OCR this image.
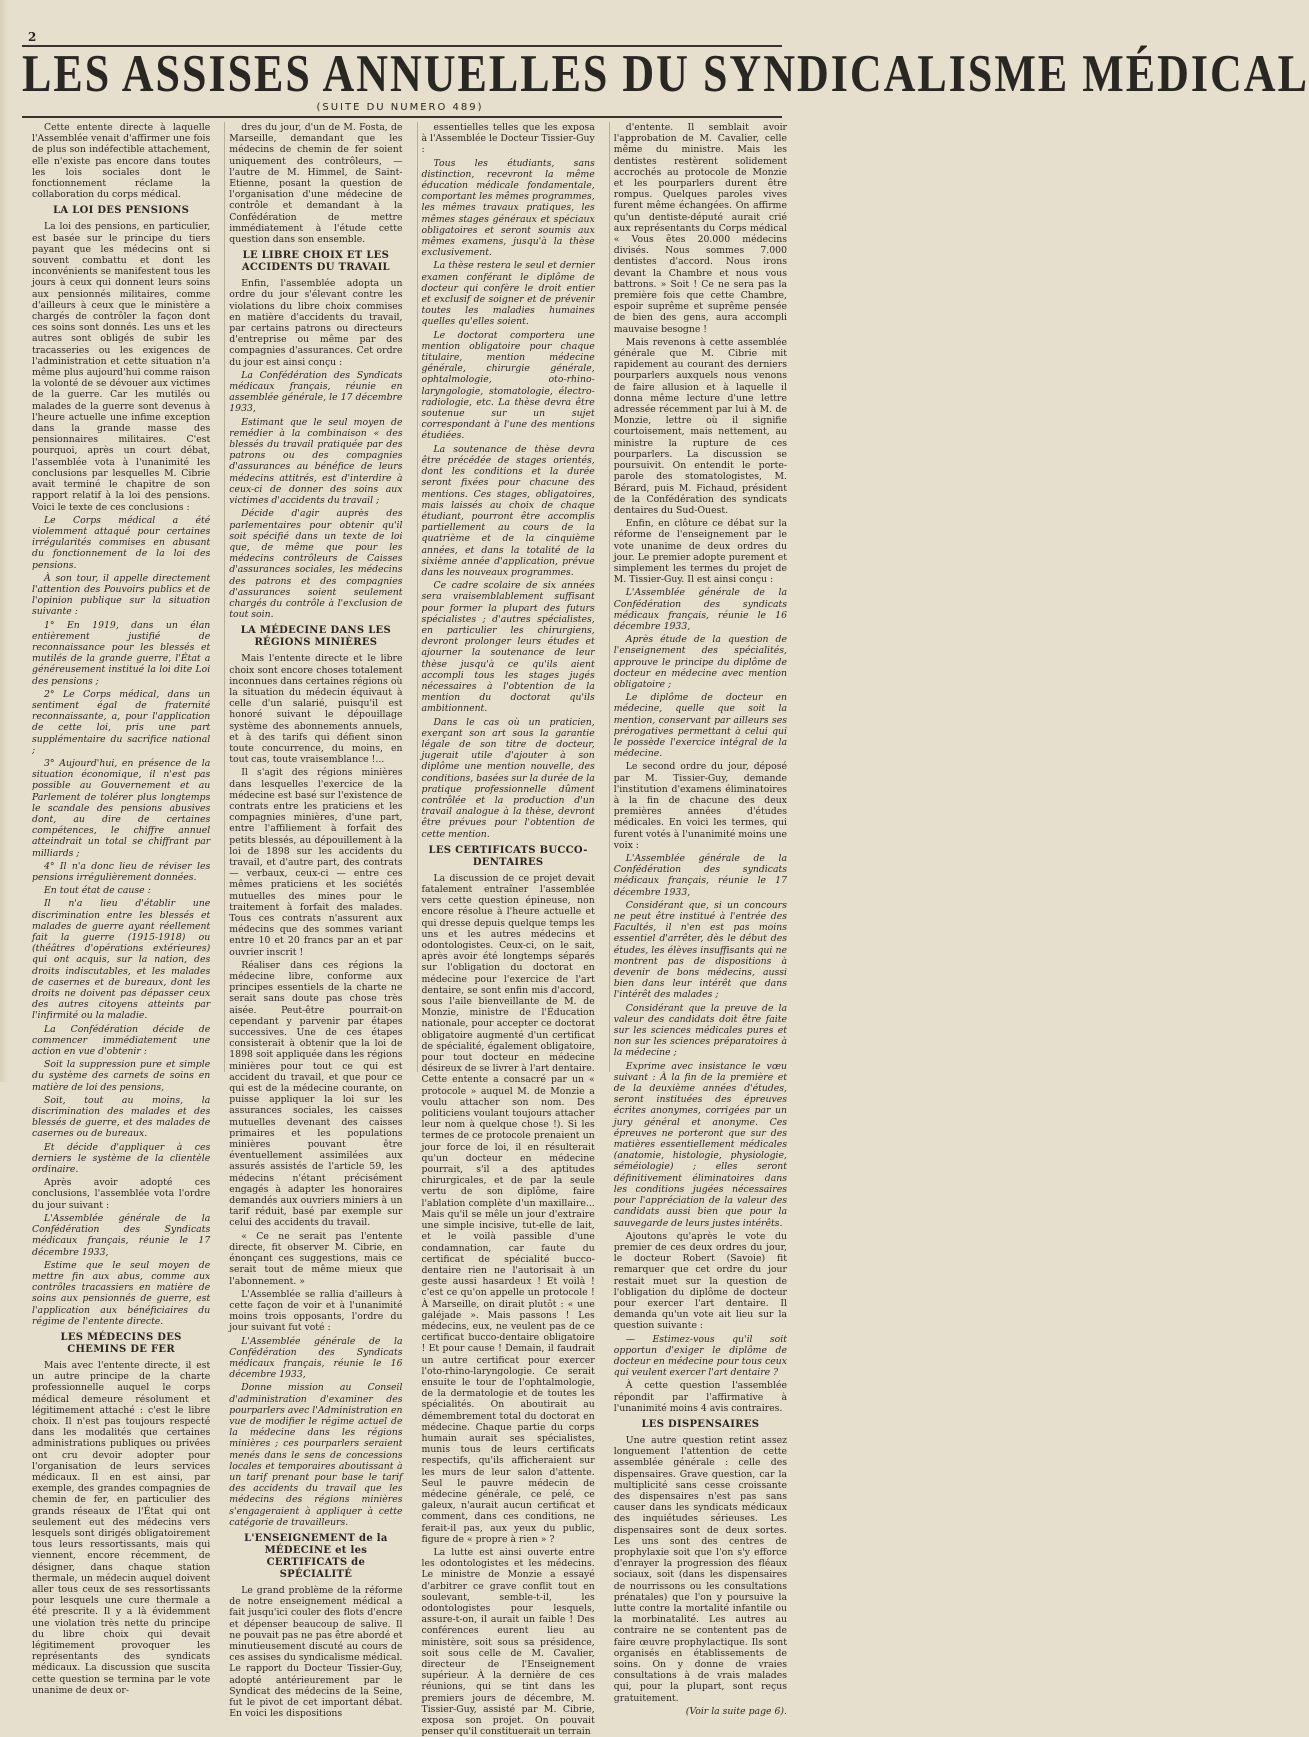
2
LES ASSISES ANNUELLES DU SYNDICALISME MÉDICAL
(SUITE DU NUMERO 489)

Cette entente directe à laquelle l'Assemblée venait d'affirmer une fois de plus son indéfectible attachement, elle n'existe pas encore dans toutes les lois sociales dont le fonctionnement réclame la collaboration du corps médical.

LA LOI DES PENSIONS

La loi des pensions, en particulier, est basée sur le principe du tiers payant que les médecins ont si souvent combattu et dont les inconvénients se manifestent tous les jours à ceux qui donnent leurs soins aux pensionnés militaires, comme d'ailleurs à ceux que le ministère a chargés de contrôler la façon dont ces soins sont donnés. Les uns et les autres sont obligés de subir les tracasseries ou les exigences de l'administration et cette situation n'a même plus aujourd'hui comme raison la volonté de se dévouer aux victimes de la guerre. Car les mutilés ou malades de la guerre sont devenus à l'heure actuelle une infime exception dans la grande masse des pensionnaires militaires. C'est pourquoi, après un court débat, l'assemblée vota à l'unanimité les conclusions par lesquelles M. Cibrie avait terminé le chapitre de son rapport relatif à la loi des pensions. Voici le texte de ces conclusions :

Le Corps médical a été violemment attaqué pour certaines irrégularités commises en abusant du fonctionnement de la loi des pensions.

À son tour, il appelle directement l'attention des Pouvoirs publics et de l'opinion publique sur la situation suivante :

1° En 1919, dans un élan entièrement justifié de reconnaissance pour les blessés et mutilés de la grande guerre, l'État a généreusement institué la loi dite Loi des pensions ;

2° Le Corps médical, dans un sentiment égal de fraternité reconnaissante, a, pour l'application de cette loi, pris une part supplémentaire du sacrifice national ;

3° Aujourd'hui, en présence de la situation économique, il n'est pas possible au Gouvernement et au Parlement de tolérer plus longtemps le scandale des pensions abusives dont, au dire de certaines compétences, le chiffre annuel atteindrait un total se chiffrant par milliards ;

4° Il n'a donc lieu de réviser les pensions irrégulièrement données.

En tout état de cause :

Il n'a lieu d'établir une discrimination entre les blessés et malades de guerre ayant réellement fait la guerre (1915-1918) ou (théâtres d'opérations extérieures) qui ont acquis, sur la nation, des droits indiscutables, et les malades de casernes et de bureaux, dont les droits ne doivent pas dépasser ceux des autres citoyens atteints par l'infirmité ou la maladie.

La Confédération décide de commencer immédiatement une action en vue d'obtenir :

Soit la suppression pure et simple du système des carnets de soins en matière de loi des pensions,

Soit, tout au moins, la discrimination des malades et des blessés de guerre, et des malades de casernes ou de bureaux.

Et décide d'appliquer à ces derniers le système de la clientèle ordinaire.

Après avoir adopté ces conclusions, l'assemblée vota l'ordre du jour suivant :

L'Assemblée générale de la Confédération des Syndicats médicaux français, réunie le 17 décembre 1933,

Estime que le seul moyen de mettre fin aux abus, comme aux contrôles tracassiers en matière de soins aux pensionnés de guerre, est l'application aux bénéficiaires du régime de l'entente directe.

LES MÉDECINS DES CHEMINS DE FER

Mais avec l'entente directe, il est un autre principe de la charte professionnelle auquel le corps médical demeure résolument et légitimement attaché : c'est le libre choix. Il n'est pas toujours respecté dans les modalités que certaines administrations publiques ou privées ont cru devoir adopter pour l'organisation de leurs services médicaux. Il en est ainsi, par exemple, des grandes compagnies de chemin de fer, en particulier des grands réseaux de l'État qui ont seulement eut des médecins vers lesquels sont dirigés obligatoirement tous leurs ressortissants, mais qui viennent, encore récemment, de désigner, dans chaque station thermale, un médecin auquel doivent aller tous ceux de ses ressortissants pour lesquels une cure thermale a été prescrite. Il y a là évidemment une violation très nette du principe du libre choix qui devait légitimement provoquer les représentants des syndicats médicaux. La discussion que suscita cette question se termina par le vote unanime de deux or-

dres du jour, d'un de M. Fosta, de Marseille, demandant que les médecins de chemin de fer soient uniquement des contrôleurs, — l'autre de M. Himmel, de Saint-Etienne, posant la question de l'organisation d'une médecine de contrôle et demandant à la Confédération de mettre immédiatement à l'étude cette question dans son ensemble.

LE LIBRE CHOIX ET LES ACCIDENTS DU TRAVAIL

Enfin, l'assemblée adopta un ordre du jour s'élevant contre les violations du libre choix commises en matière d'accidents du travail, par certains patrons ou directeurs d'entreprise ou même par des compagnies d'assurances. Cet ordre du jour est ainsi conçu :

La Confédération des Syndicats médicaux français, réunie en assemblée générale, le 17 décembre 1933,

Estimant que le seul moyen de remédier à la combinaison « des blessés du travail pratiquée par des patrons ou des compagnies d'assurances au bénéfice de leurs médecins attitrés, est d'interdire à ceux-ci de donner des soins aux victimes d'accidents du travail ;

Décide d'agir auprès des parlementaires pour obtenir qu'il soit spécifié dans un texte de loi que, de même que pour les médecins contrôleurs de Caisses d'assurances sociales, les médecins des patrons et des compagnies d'assurances soient seulement chargés du contrôle à l'exclusion de tout soin.

LA MÉDECINE DANS LES RÉGIONS MINIÈRES

Mais l'entente directe et le libre choix sont encore choses totalement inconnues dans certaines régions où la situation du médecin équivaut à celle d'un salarié, puisqu'il est honoré suivant le dépouillage système des abonnements annuels, et à des tarifs qui défient sinon toute concurrence, du moins, en tout cas, toute vraisemblance !...

Il s'agit des régions minières dans lesquelles l'exercice de la médecine est basé sur l'existence de contrats entre les praticiens et les compagnies minières, d'une part, entre l'affiliement à forfait des petits blessés, au dépouillement à la loi de 1898 sur les accidents du travail, et d'autre part, des contrats — verbaux, ceux-ci — entre ces mêmes praticiens et les sociétés mutuelles des mines pour le traitement à forfait des malades. Tous ces contrats n'assurent aux médecins que des sommes variant entre 10 et 20 francs par an et par ouvrier inscrit !

Réaliser dans ces régions la médecine libre, conforme aux principes essentiels de la charte ne serait sans doute pas chose très aisée. Peut-être pourrait-on cependant y parvenir par étapes successives. Une de ces étapes consisterait à obtenir que la loi de 1898 soit appliquée dans les régions minières pour tout ce qui est accident du travail, et que pour ce qui est de la médecine courante, on puisse appliquer la loi sur les assurances sociales, les caisses mutuelles devenant des caisses primaires et les populations minières pouvant être éventuellement assimilées aux assurés assistés de l'article 59, les médecins n'étant précisément engagés à adapter les honoraires demandés aux ouvriers miniers à un tarif réduit, basé par exemple sur celui des accidents du travail.

« Ce ne serait pas l'entente directe, fit observer M. Cibrie, en énonçant ces suggestions, mais ce serait tout de même mieux que l'abonnement. »

L'Assemblée se rallia d'ailleurs à cette façon de voir et à l'unanimité moins trois opposants, l'ordre du jour suivant fut voté :

L'Assemblée générale de la Confédération des Syndicats médicaux français, réunie le 16 décembre 1933,

Donne mission au Conseil d'administration d'examiner des pourparlers avec l'Administration en vue de modifier le régime actuel de la médecine dans les régions minières ; ces pourparlers seraient menés dans le sens de concessions locales et temporaires aboutissant à un tarif prenant pour base le tarif des accidents du travail que les médecins des régions minières s'engageraient à appliquer à cette catégorie de travailleurs.

L'ENSEIGNEMENT de la MÉDECINE et les CERTIFICATS de SPÉCIALITÉ

Le grand problème de la réforme de notre enseignement médical a fait jusqu'ici couler des flots d'encre et dépenser beaucoup de salive. Il ne pouvait pas ne pas être abordé et minutieusement discuté au cours de ces assises du syndicalisme médical. Le rapport du Docteur Tissier-Guy, adopté antérieurement par le Syndicat des médecins de la Seine, fut le pivot de cet important débat. En voici les dispositions

essentielles telles que les exposa à l'Assemblée le Docteur Tissier-Guy :

Tous les étudiants, sans distinction, recevront la même éducation médicale fondamentale, comportant les mêmes programmes, les mêmes travaux pratiques, les mêmes stages généraux et spéciaux obligatoires et seront soumis aux mêmes examens, jusqu'à la thèse exclusivement.

La thèse restera le seul et dernier examen conférant le diplôme de docteur qui confère le droit entier et exclusif de soigner et de prévenir toutes les maladies humaines quelles qu'elles soient.

Le doctorat comportera une mention obligatoire pour chaque titulaire, mention médecine générale, chirurgie générale, ophtalmologie, oto-rhino-laryngologie, stomatologie, électro-radiologie, etc. La thèse devra être soutenue sur un sujet correspondant à l'une des mentions étudiées.

La soutenance de thèse devra être précédée de stages orientés, dont les conditions et la durée seront fixées pour chacune des mentions. Ces stages, obligatoires, mais laissés au choix de chaque étudiant, pourront être accomplis partiellement au cours de la quatrième et de la cinquième années, et dans la totalité de la sixième année d'application, prévue dans les nouveaux programmes.

Ce cadre scolaire de six années sera vraisemblablement suffisant pour former la plupart des futurs spécialistes ; d'autres spécialistes, en particulier les chirurgiens, devront prolonger leurs études et ajourner la soutenance de leur thèse jusqu'à ce qu'ils aient accompli tous les stages jugés nécessaires à l'obtention de la mention du doctorat qu'ils ambitionnent.

Dans le cas où un praticien, exerçant son art sous la garantie légale de son titre de docteur, jugerait utile d'ajouter à son diplôme une mention nouvelle, des conditions, basées sur la durée de la pratique professionnelle dûment contrôlée et la production d'un travail analogue à la thèse, devront être prévues pour l'obtention de cette mention.

LES CERTIFICATS BUCCO-DENTAIRES

La discussion de ce projet devait fatalement entraîner l'assemblée vers cette question épineuse, non encore résolue à l'heure actuelle et qui dresse depuis quelque temps les uns et les autres médecins et odontologistes. Ceux-ci, on le sait, après avoir été longtemps séparés sur l'obligation du doctorat en médecine pour l'exercice de l'art dentaire, se sont enfin mis d'accord, sous l'aile bienveillante de M. de Monzie, ministre de l'Éducation nationale, pour accepter ce doctorat obligatoire augmenté d'un certificat de spécialité, également obligatoire, pour tout docteur en médecine désireux de se livrer à l'art dentaire. Cette entente a consacré par un « protocole » auquel M. de Monzie a voulu attacher son nom. Des politiciens voulant toujours attacher leur nom à quelque chose !). Si les termes de ce protocole prenaient un jour force de loi, il en résulterait qu'un docteur en médecine pourrait, s'il a des aptitudes chirurgicales, et de par la seule vertu de son diplôme, faire l'ablation complète d'un maxillaire... Mais qu'il se mêle un jour d'extraire une simple incisive, tut-elle de lait, et le voilà passible d'une condamnation, car faute du certificat de spécialité bucco-dentaire rien ne l'autorisait à un geste aussi hasardeux ! Et voilà ! c'est ce qu'on appelle un protocole ! À Marseille, on dirait plutôt : « une galéjade ». Mais passons ! Les médecins, eux, ne veulent pas de ce certificat bucco-dentaire obligatoire ! Et pour cause ! Demain, il faudrait un autre certificat pour exercer l'oto-rhino-laryngologie. Ce serait ensuite le tour de l'ophtalmologie, de la dermatologie et de toutes les spécialités. On aboutirait au démembrement total du doctorat en médecine. Chaque partie du corps humain aurait ses spécialistes, munis tous de leurs certificats respectifs, qu'ils afficheraient sur les murs de leur salon d'attente. Seul le pauvre médecin de médecine générale, ce pelé, ce galeux, n'aurait aucun certificat et comment, dans ces conditions, ne ferait-il pas, aux yeux du public, figure de « propre à rien » ?

La lutte est ainsi ouverte entre les odontologistes et les médecins. Le ministre de Monzie a essayé d'arbitrer ce grave conflit tout en soulevant, semble-t-il, les odontologistes pour lesquels, assure-t-on, il aurait un faible ! Des conférences eurent lieu au ministère, soit sous sa présidence, soit sous celle de M. Cavalier, directeur de l'Enseignement supérieur. À la dernière de ces réunions, qui se tint dans les premiers jours de décembre, M. Tissier-Guy, assisté par M. Cibrie, exposa son projet. On pouvait penser qu'il constituerait un terrain

d'entente. Il semblait avoir l'approbation de M. Cavalier, celle même du ministre. Mais les dentistes restèrent solidement accrochés au protocole de Monzie et les pourparlers durent être rompus. Quelques paroles vives furent même échangées. On affirme qu'un dentiste-député aurait crié aux représentants du Corps médical « Vous êtes 20.000 médecins divisés. Nous sommes 7.000 dentistes d'accord. Nous irons devant la Chambre et nous vous battrons. » Soit ! Ce ne sera pas la première fois que cette Chambre, espoir suprême et suprême pensée de bien des gens, aura accompli mauvaise besogne !

Mais revenons à cette assemblée générale que M. Cibrie mit rapidement au courant des derniers pourparlers auxquels nous venons de faire allusion et à laquelle il donna même lecture d'une lettre adressée récemment par lui à M. de Monzie, lettre où il signifie courtoisement, mais nettement, au ministre la rupture de ces pourparlers. La discussion se poursuivit. On entendit le porte-parole des stomatologistes, M. Bérard, puis M. Fichaud, président de la Confédération des syndicats dentaires du Sud-Ouest.

Enfin, en clôture ce débat sur la réforme de l'enseignement par le vote unanime de deux ordres du jour. Le premier adopte purement et simplement les termes du projet de M. Tissier-Guy. Il est ainsi conçu :

L'Assemblée générale de la Confédération des syndicats médicaux français, réunie le 16 décembre 1933,

Après étude de la question de l'enseignement des spécialités, approuve le principe du diplôme de docteur en médecine avec mention obligatoire ;

Le diplôme de docteur en médecine, quelle que soit la mention, conservant par ailleurs ses prérogatives permettant à celui qui le possède l'exercice intégral de la médecine.

Le second ordre du jour, déposé par M. Tissier-Guy, demande l'institution d'examens éliminatoires à la fin de chacune des deux premières années d'études médicales. En voici les termes, qui furent votés à l'unanimité moins une voix :

L'Assemblée générale de la Confédération des syndicats médicaux français, réunie le 17 décembre 1933,

Considérant que, si un concours ne peut être institué à l'entrée des Facultés, il n'en est pas moins essentiel d'arrêter, dès le début des études, les élèves insuffisants qui ne montrent pas de dispositions à devenir de bons médecins, aussi bien dans leur intérêt que dans l'intérêt des malades ;

Considérant que la preuve de la valeur des candidats doit être faite sur les sciences médicales pures et non sur les sciences préparatoires à la médecine ;

Exprime avec insistance le vœu suivant : À la fin de la première et de la deuxième années d'études, seront instituées des épreuves écrites anonymes, corrigées par un jury général et anonyme. Ces épreuves ne porteront que sur des matières essentiellement médicales (anatomie, histologie, physiologie, séméiologie) ; elles seront définitivement éliminatoires dans les conditions jugées nécessaires pour l'appréciation de la valeur des candidats aussi bien que pour la sauvegarde de leurs justes intérêts.

Ajoutons qu'après le vote du premier de ces deux ordres du jour, le docteur Robert (Savoie) fit remarquer que cet ordre du jour restait muet sur la question de l'obligation du diplôme de docteur pour exercer l'art dentaire. Il demanda qu'un vote ait lieu sur la question suivante :

— Estimez-vous qu'il soit opportun d'exiger le diplôme de docteur en médecine pour tous ceux qui veulent exercer l'art dentaire ?

À cette question l'assemblée répondit par l'affirmative à l'unanimité moins 4 avis contraires.

LES DISPENSAIRES

Une autre question retint assez longuement l'attention de cette assemblée générale : celle des dispensaires. Grave question, car la multiplicité sans cesse croissante des dispensaires n'est pas sans causer dans les syndicats médicaux des inquiétudes sérieuses. Les dispensaires sont de deux sortes. Les uns sont des centres de prophylaxie soit que l'on s'y efforce d'enrayer la progression des fléaux sociaux, soit (dans les dispensaires de nourrissons ou les consultations prénatales) que l'on y poursuive la lutte contre la mortalité infantile ou la morbinatalité. Les autres au contraire ne se contentent pas de faire œuvre prophylactique. Ils sont organisés en établissements de soins. On y donne de vraies consultations à de vrais malades qui, pour la plupart, sont reçus gratuitement.

(Voir la suite page 6).
